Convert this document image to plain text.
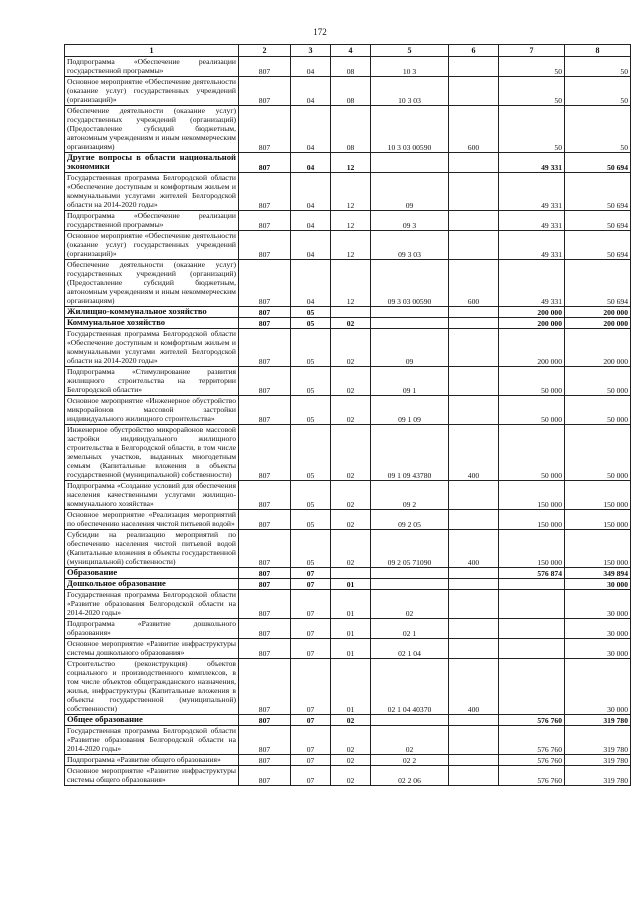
172
1	2	3	4	5	6	7	8
Подпрограмма «Обеспечение реализации государственной программы»	807	04	08	10 3		50	50
Основное мероприятие «Обеспечение деятельности (оказание услуг) государственных учреждений (организаций)»	807	04	08	10 3 03		50	50
Обеспечение деятельности (оказание услуг) государственных учреждений (организаций) (Предоставление субсидий бюджетным, автономным учреждениям и иным некоммерческим организациям)	807	04	08	10 3 03 00590	600	50	50
Другие вопросы в области национальной экономики	807	04	12			49 331	50 694
Государственная программа Белгородской области «Обеспечение доступным и комфортным жильем и коммунальными услугами жителей Белгородской области на 2014-2020 годы»	807	04	12	09		49 331	50 694
Подпрограмма «Обеспечение реализации государственной программы»	807	04	12	09 3		49 331	50 694
Основное мероприятие «Обеспечение деятельности (оказание услуг) государственных учреждений (организаций)»	807	04	12	09 3 03		49 331	50 694
Обеспечение деятельности (оказание услуг) государственных учреждений (организаций) (Предоставление субсидий бюджетным, автономным учреждениям и иным некоммерческим организациям)	807	04	12	09 3 03 00590	600	49 331	50 694
Жилищно-коммунальное хозяйство	807	05				200 000	200 000
Коммунальное хозяйство	807	05	02			200 000	200 000
Государственная программа Белгородской области «Обеспечение доступным и комфортным жильем и коммунальными услугами жителей Белгородской области на 2014-2020 годы»	807	05	02	09		200 000	200 000
Подпрограмма «Стимулирование развития жилищного строительства на территории Белгородской области»	807	05	02	09 1		50 000	50 000
Основное мероприятие «Инженерное обустройство микрорайонов массовой застройки индивидуального жилищного строительства»	807	05	02	09 1 09		50 000	50 000
Инженерное обустройство микрорайонов массовой застройки индивидуального жилищного строительства в Белгородской области, в том числе земельных участков, выданных многодетным семьям (Капитальные вложения в объекты государственной (муниципальной) собственности)	807	05	02	09 1 09 43780	400	50 000	50 000
Подпрограмма «Создание условий для обеспечения населения качественными услугами жилищно-коммунального хозяйства»	807	05	02	09 2		150 000	150 000
Основное мероприятие «Реализация мероприятий по обеспечению населения чистой питьевой водой»	807	05	02	09 2 05		150 000	150 000
Субсидии на реализацию мероприятий по обеспечению населения чистой питьевой водой (Капитальные вложения в объекты государственной (муниципальной) собственности)	807	05	02	09 2 05 71090	400	150 000	150 000
Образование	807	07				576 874	349 894
Дошкольное образование	807	07	01				30 000
Государственная программа Белгородской области «Развитие образования Белгородской области на 2014-2020 годы»	807	07	01	02			30 000
Подпрограмма «Развитие дошкольного образования»	807	07	01	02 1			30 000
Основное мероприятие «Развитие инфраструктуры системы дошкольного образования»	807	07	01	02 1 04			30 000
Строительство (реконструкция) объектов социального и производственного комплексов, в том числе объектов общегражданского назначения, жилья, инфраструктуры (Капитальные вложения в объекты государственной (муниципальной) собственности)	807	07	01	02 1 04 40370	400		30 000
Общее образование	807	07	02			576 760	319 780
Государственная программа Белгородской области «Развитие образования Белгородской области на 2014-2020 годы»	807	07	02	02		576 760	319 780
Подпрограмма «Развитие общего образования»	807	07	02	02 2		576 760	319 780
Основное мероприятие «Развитие инфраструктуры системы общего образования»	807	07	02	02 2 06		576 760	319 780
